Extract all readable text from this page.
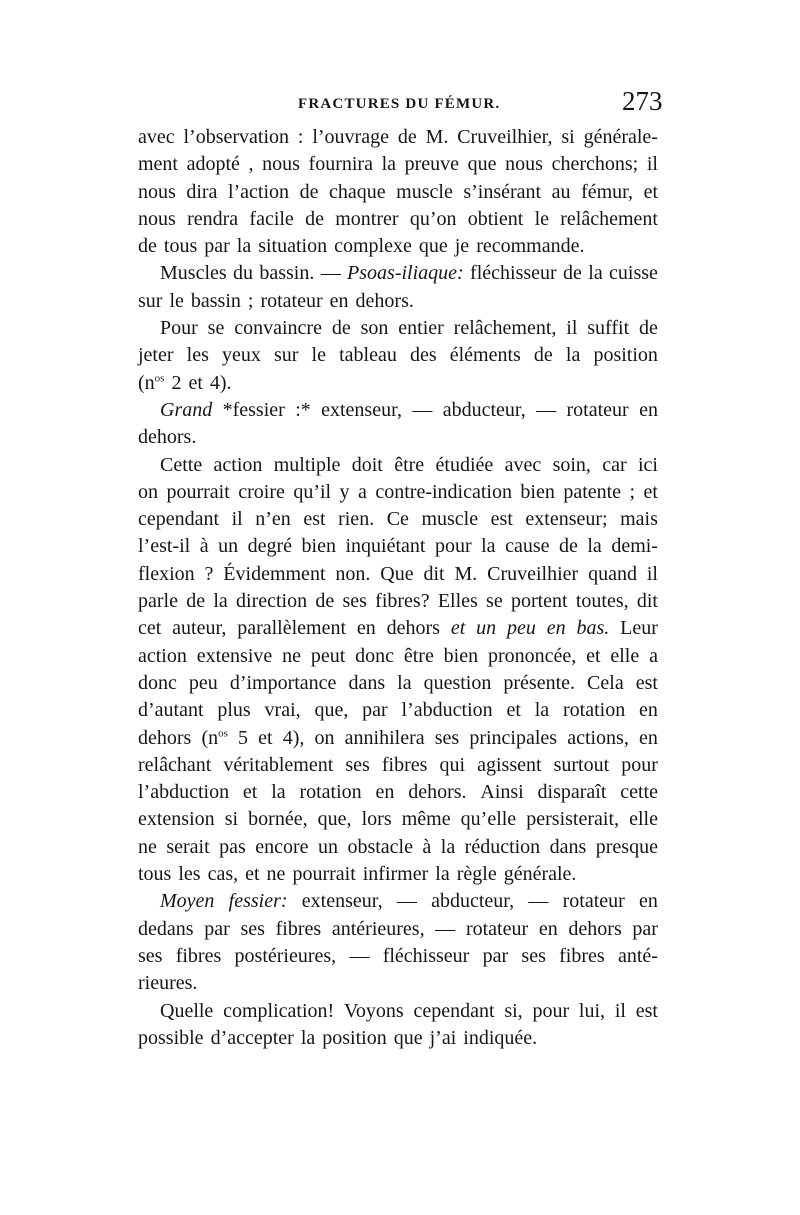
FRACTURES DU FÉMUR.	273
avec l’observation : l’ouvrage de M. Cruveilhier, si générale-
ment adopté , nous fournira la preuve que nous cherchons; il
nous dira l’action de chaque muscle s’insérant au fémur, et
nous rendra facile de montrer qu’on obtient le relâchement
de tous par la situation complexe que je recommande.
Muscles du bassin. — Psoas-iliaque: fléchisseur de la cuisse
sur le bassin ; rotateur en dehors.
Pour se convaincre de son entier relâchement, il suffit de
jeter les yeux sur le tableau des éléments de la position
($n^{os}$ 2 et 4).
Grand *fessier :* extenseur, — abducteur, — rotateur en
dehors.
Cette action multiple doit être étudiée avec soin, car ici
on pourrait croire qu’il y a contre-indication bien patente ; et
cependant il n’en est rien. Ce muscle est extenseur; mais
l’est-il à un degré bien inquiétant pour la cause de la demi-
flexion ? Évidemment non. Que dit M. Cruveilhier quand il
parle de la direction de ses fibres? Elles se portent toutes, dit
cet auteur, parallèlement en dehors et un peu en bas. Leur
action extensive ne peut donc être bien prononcée, et elle a
donc peu d’importance dans la question présente. Cela est
d’autant plus vrai, que, par l’abduction et la rotation en
dehors ($n^{os}$ 5 et 4), on annihilera ses principales actions, en
relâchant véritablement ses fibres qui agissent surtout pour
l’abduction et la rotation en dehors. Ainsi disparaît cette
extension si bornée, que, lors même qu’elle persisterait, elle
ne serait pas encore un obstacle à la réduction dans presque
tous les cas, et ne pourrait infirmer la règle générale.
Moyen fessier: extenseur, — abducteur, — rotateur en
dedans par ses fibres antérieures, — rotateur en dehors par
ses fibres postérieures, — fléchisseur par ses fibres anté-
rieures.
Quelle complication! Voyons cependant si, pour lui, il est
possible d’accepter la position que j’ai indiquée.
